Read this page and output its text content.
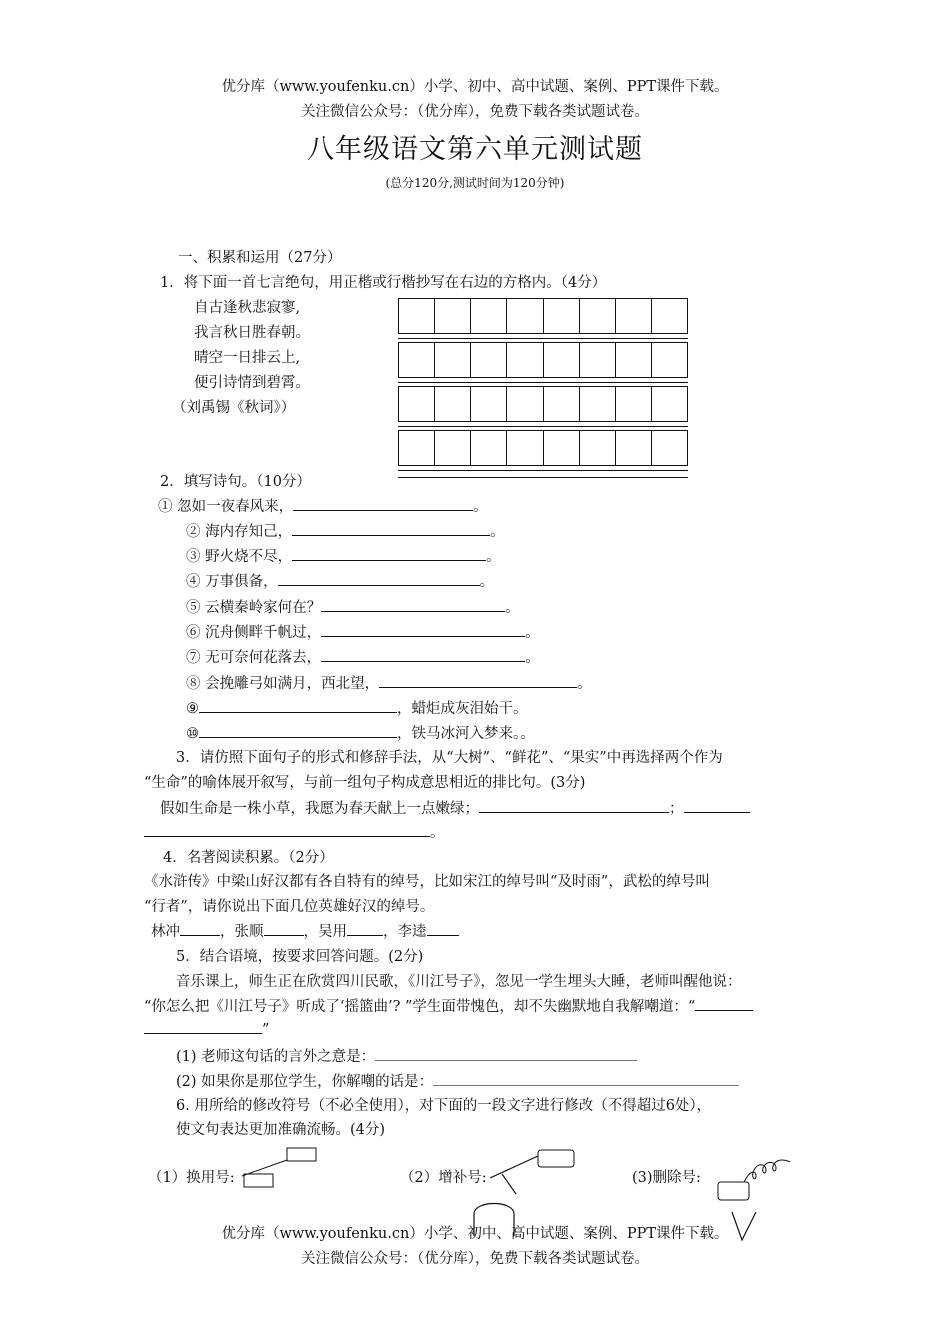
优分库（www.youfenku.cn）小学、初中、高中试题、案例、PPT课件下载。
关注微信公众号：（优分库），免费下载各类试题试卷。
八年级语文第六单元测试题
(总分120分,测试时间为120分钟)
一、积累和运用（27分）
1．将下面一首七言绝句，用正楷或行楷抄写在右边的方格内。（4分）
自古逢秋悲寂寥,
我言秋日胜春朝。
晴空一日排云上,
便引诗情到碧霄。
（刘禹锡《秋词》）
2．填写诗句。（10分）
① 忽如一夜春风来，	。
② 海内存知己，	。
③ 野火烧不尽，	。
④ 万事俱备，	。
⑤ 云横秦岭家何在？	。
⑥ 沉舟侧畔千帆过，	。
⑦ 无可奈何花落去，	。
⑧ 会挽雕弓如满月，西北望，	。
⑨	，蜡炬成灰泪始干。
⑩	，铁马冰河入梦来。。
3．请仿照下面句子的形式和修辞手法，从“大树”、“鲜花”、“果实”中再选择两个作为
“生命”的喻体展开叙写，与前一组句子构成意思相近的排比句。(3分)
假如生命是一株小草，我愿为春天献上一点嫩绿；	；
。
4．名著阅读积累。（2分）
《水浒传》中梁山好汉都有各自特有的绰号，比如宋江的绰号叫“及时雨”，武松的绰号叫
“行者”，请你说出下面几位英雄好汉的绰号。
林冲	，张顺	，吴用 ，李逵
5．结合语境，按要求回答问题。(2分)
音乐课上，师生正在欣赏四川民歌，《川江号子》，忽见一学生埋头大睡，老师叫醒他说：
“你怎么把《川江号子》听成了‘摇篮曲’? ”学生面带愧色，却不失幽默地自我解嘲道：“
”
(1) 老师这句话的言外之意是：
(2) 如果你是那位学生，你解嘲的话是：
6. 用所给的修改符号（不必全使用），对下面的一段文字进行修改（不得超过6处），
使文句表达更加准确流畅。(4分)
（1）换用号:	（2）增补号:	(3)删除号:
优分库（www.youfenku.cn）小学、初中、高中试题、案例、PPT课件下载。
关注微信公众号：（优分库），免费下载各类试题试卷。
